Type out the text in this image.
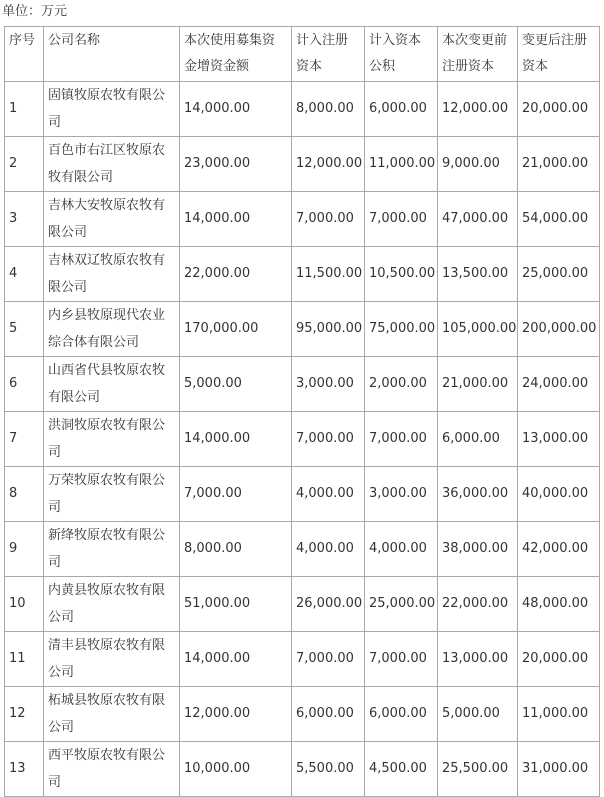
单位：万元
序号	公司名称	本次使用募集资金增资金额	计入注册资本	计入资本公积	本次变更前注册资本	变更后注册资本
1	固镇牧原农牧有限公司	14,000.00	8,000.00	6,000.00	12,000.00	20,000.00
2	百色市右江区牧原农牧有限公司	23,000.00	12,000.00	11,000.00	9,000.00	21,000.00
3	吉林大安牧原农牧有限公司	14,000.00	7,000.00	7,000.00	47,000.00	54,000.00
4	吉林双辽牧原农牧有限公司	22,000.00	11,500.00	10,500.00	13,500.00	25,000.00
5	内乡县牧原现代农业综合体有限公司	170,000.00	95,000.00	75,000.00	105,000.00	200,000.00
6	山西省代县牧原农牧有限公司	5,000.00	3,000.00	2,000.00	21,000.00	24,000.00
7	洪洞牧原农牧有限公司	14,000.00	7,000.00	7,000.00	6,000.00	13,000.00
8	万荣牧原农牧有限公司	7,000.00	4,000.00	3,000.00	36,000.00	40,000.00
9	新绛牧原农牧有限公司	8,000.00	4,000.00	4,000.00	38,000.00	42,000.00
10	内黄县牧原农牧有限公司	51,000.00	26,000.00	25,000.00	22,000.00	48,000.00
11	清丰县牧原农牧有限公司	14,000.00	7,000.00	7,000.00	13,000.00	20,000.00
12	柘城县牧原农牧有限公司	12,000.00	6,000.00	6,000.00	5,000.00	11,000.00
13	西平牧原农牧有限公司	10,000.00	5,500.00	4,500.00	25,500.00	31,000.00
